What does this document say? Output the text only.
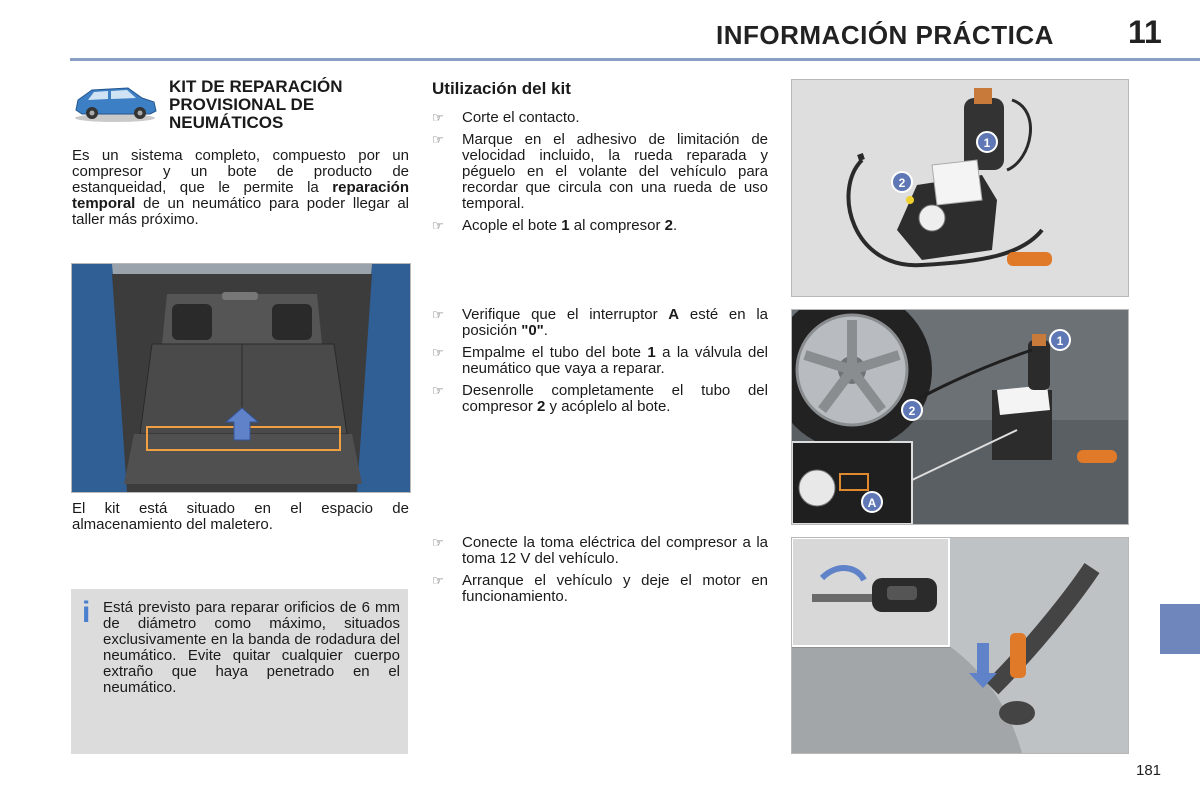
INFORMACIÓN PRÁCTICA 11
KIT DE REPARACIÓN
PROVISIONAL DE
NEUMÁTICOS
Es un sistema completo, compuesto por un compresor y un bote de producto de estanqueidad, que le permite la reparación temporal de un neumático para poder llegar al taller más próximo.
El kit está situado en el espacio de almacenamiento del maletero.
i Está previsto para reparar orificios de 6 mm de diámetro como máximo, situados exclusivamente en la banda de rodadura del neumático. Evite quitar cualquier cuerpo extraño que haya penetrado en el neumático.
Utilización del kit
☞ Corte el contacto.
☞ Marque en el adhesivo de limitación de velocidad incluido, la rueda reparada y péguelo en el volante del vehículo para recordar que circula con una rueda de uso temporal.
☞ Acople el bote 1 al compresor 2.
☞ Verifique que el interruptor A esté en la posición "0".
☞ Empalme el tubo del bote 1 a la válvula del neumático que vaya a reparar.
☞ Desenrolle completamente el tubo del compresor 2 y acóplelo al bote.
☞ Conecte la toma eléctrica del compresor a la toma 12 V del vehículo.
☞ Arranque el vehículo y deje el motor en funcionamiento.
1
2
1
2
A
181
